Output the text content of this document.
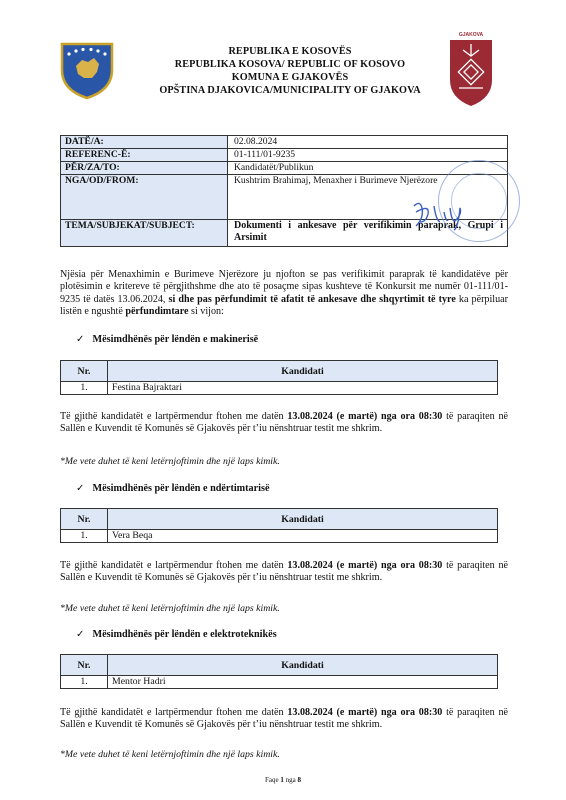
REPUBLIKA E KOSOVËS
REPUBLIKA KOSOVA/ REPUBLIC OF KOSOVO
KOMUNA E GJAKOVËS
OPŠTINA DJAKOVICA/MUNICIPALITY OF GJAKOVA
GJAKOVA
DATË/A:	02.08.2024
REFERENC-Ë:	01-111/01-9235
PËR/ZA/TO:	Kandidatët/Publikun
NGA/OD/FROM:	Kushtrim Brahimaj, Menaxher i Burimeve Njerëzore
TEMA/SUBJEKAT/SUBJECT:	Dokumenti i ankesave për verifikimin paraprak, Grupi i Arsimit
Njësia për Menaxhimin e Burimeve Njerëzore ju njofton se pas verifikimit paraprak të kandidatëve për plotësimin e kritereve të përgjithshme dhe ato të posaçme sipas kushteve të Konkursit me numër 01-111/01-9235 të datës 13.06.2024, si dhe pas përfundimit të afatit të ankesave dhe shqyrtimit të tyre ka përpiluar listën e ngushtë përfundimtare si vijon:
✓ Mësimdhënës për lëndën e makinerisë
Nr.	Kandidati
1.	Festina Bajraktari
Të gjithë kandidatët e lartpërmendur ftohen me datën 13.08.2024 (e martë) nga ora 08:30 të paraqiten në Sallën e Kuvendit të Komunës së Gjakovës për t’iu nënshtruar testit me shkrim.
*Me vete duhet të keni letërnjoftimin dhe një laps kimik.
✓ Mësimdhënës për lëndën e ndërtimtarisë
Nr.	Kandidati
1.	Vera Beqa
Të gjithë kandidatët e lartpërmendur ftohen me datën 13.08.2024 (e martë) nga ora 08:30 të paraqiten në Sallën e Kuvendit të Komunës së Gjakovës për t’iu nënshtruar testit me shkrim.
*Me vete duhet të keni letërnjoftimin dhe një laps kimik.
✓ Mësimdhënës për lëndën e elektroteknikës
Nr.	Kandidati
1.	Mentor Hadri
Të gjithë kandidatët e lartpërmendur ftohen me datën 13.08.2024 (e martë) nga ora 08:30 të paraqiten në Sallën e Kuvendit të Komunës së Gjakovës për t’iu nënshtruar testit me shkrim.
*Me vete duhet të keni letërnjoftimin dhe një laps kimik.
Faqe 1 nga 8
